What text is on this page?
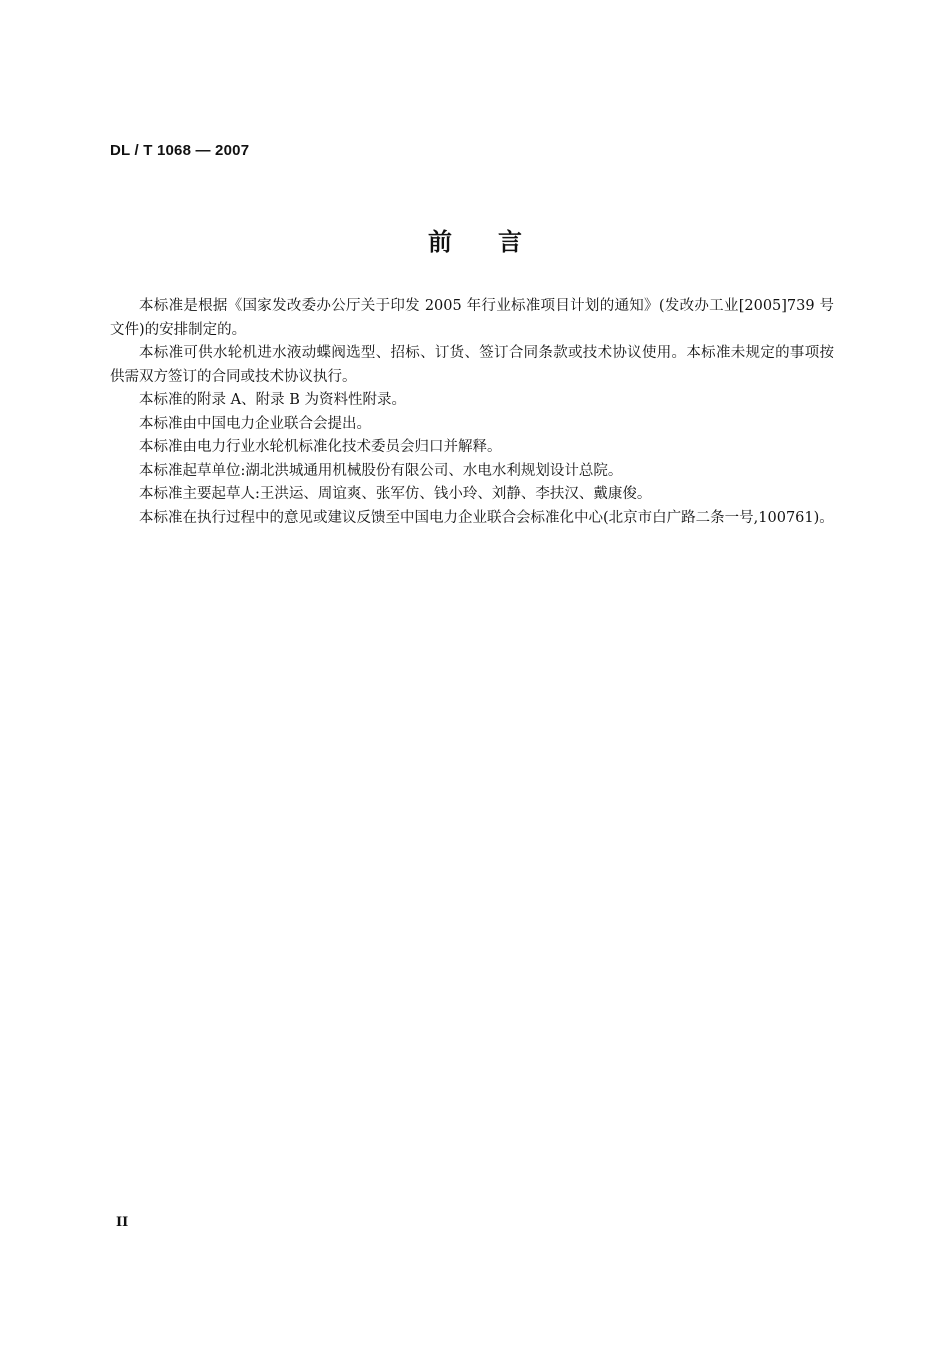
DL / T 1068 — 2007
前言

本标准是根据《国家发改委办公厅关于印发 2005 年行业标准项目计划的通知》(发改办工业[2005]739 号文件)的安排制定的。

本标准可供水轮机进水液动蝶阀选型、招标、订货、签订合同条款或技术协议使用。本标准未规定的事项按供需双方签订的合同或技术协议执行。

本标准的附录 A、附录 B 为资料性附录。

本标准由中国电力企业联合会提出。

本标准由电力行业水轮机标准化技术委员会归口并解释。

本标准起草单位:湖北洪城通用机械股份有限公司、水电水利规划设计总院。

本标准主要起草人:王洪运、周谊爽、张军仿、钱小玲、刘静、李扶汉、戴康俊。

本标准在执行过程中的意见或建议反馈至中国电力企业联合会标准化中心(北京市白广路二条一号,100761)。

II
